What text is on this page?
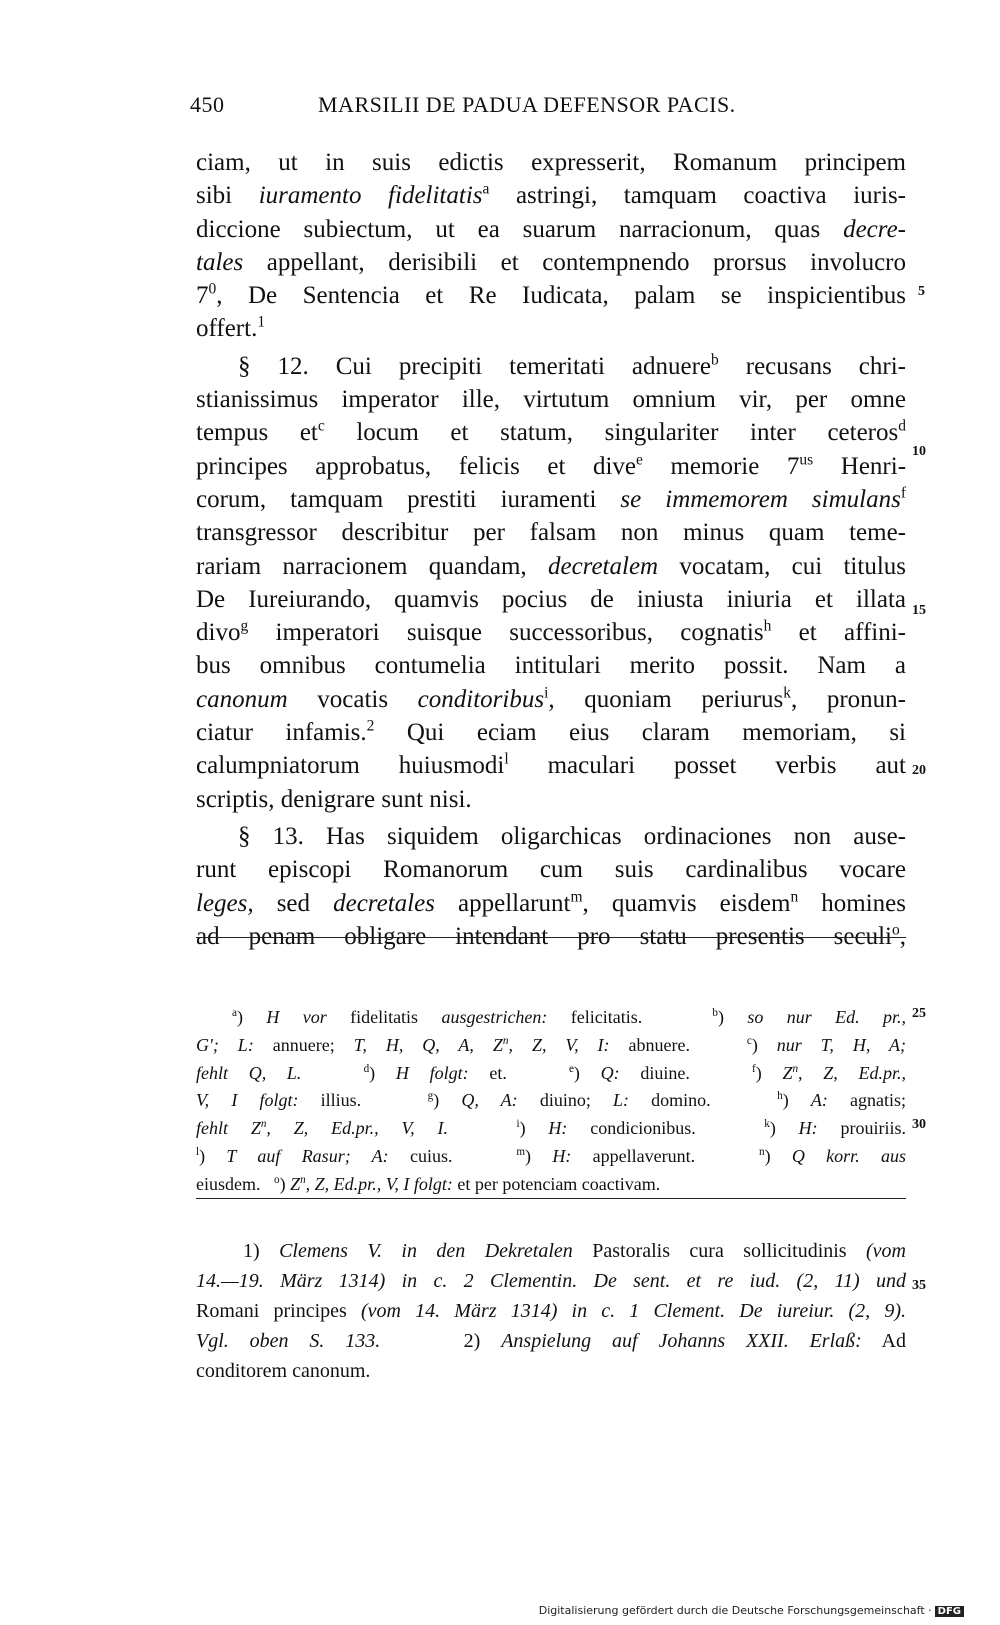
450	MARSILII DE PADUA DEFENSOR PACIS.
ciam, ut in suis edictis expresserit, Romanum principem
sibi iuramento fidelitatis$^a$ astringi, tamquam coactiva iuris-
diccione subiectum, ut ea suarum narracionum, quas decre-
tales appellant, derisibili et contempnendo prorsus involucro
$7^0$, De Sentencia et Re Iudicata, palam se inspicientibus
offert.$^1$
§ 12. Cui precipiti temeritati adnuere$^b$ recusans chri-
stianissimus imperator ille, virtutum omnium vir, per omne
tempus $et^c$ locum et statum, singulariter inter ceteros$^d$
principes approbatus, felicis et dive$^e$ memorie $7^{us}$ Henri-
corum, tamquam prestiti iuramenti se immemorem simulans$^f$
transgressor describitur per falsam non minus quam teme-
rariam narracionem quandam, decretalem vocatam, cui titulus
De Iureiurando, quamvis pocius de iniusta iniuria et illata
divo$^g$ imperatori suisque successoribus, cognatis$^h$ et affini-
bus omnibus contumelia intitulari merito possit. Nam a
canonum vocatis conditoribus$^i$, quoniam periurus$^k$, pronun-
ciatur infamis.$^2$ Qui eciam eius claram memoriam, si
calumpniatorum huiusmodi$^l$ maculari posset verbis aut
scriptis, denigrare sunt nisi.
§ 13. Has siquidem oligarchicas ordinaciones non ause-
runt episcopi Romanorum cum suis cardinalibus vocare
leges, sed decretales appellarunt$^m$, quamvis eisdem$^n$ homines
ad penam obligare intendant pro statu presentis seculi$^o$,
5
10
15
20
$^a$) H vor fidelitatis ausgestrichen: felicitatis.   $^b$) so nur Ed. pr.,
G'; L: annuere; T, H, Q, A, $Z^n$, Z, V, I: abnuere.   $^c$) nur T, H, A;
fehlt Q, L.	$^d$) H folgt: et.   $^e$) Q: diuine.   $^f$) $Z^n$, Z, Ed.pr.,
V, I folgt: illius.   $^g$) Q, A: diuino; L: domino.   $^h$) A: agnatis;
fehlt $Z^n$, Z, Ed.pr., V, I.	$^i$) H: condicionibus.   $^k$) H: prouiriis.
$^l$) T auf Rasur; A: cuius.   $^m$) H: appellaverunt.   $^n$) Q korr. aus
eiusdem.   $^o$) $Z^n$, Z, Ed.pr., V, I folgt: et per potenciam coactivam.
25
30
1) Clemens V. in den Dekretalen Pastoralis cura sollicitudinis (vom
14.—19. März 1314) in c. 2 Clementin. De sent. et re iud. (2, 11) und
Romani principes (vom 14. März 1314) in c. 1 Clement. De iureiur. (2, 9).
Vgl. oben S. 133.    2) Anspielung auf Johanns XXII. Erlaß: Ad
conditorem canonum.
35
Digitalisierung gefördert durch die Deutsche Forschungsgemeinschaft · DFG
